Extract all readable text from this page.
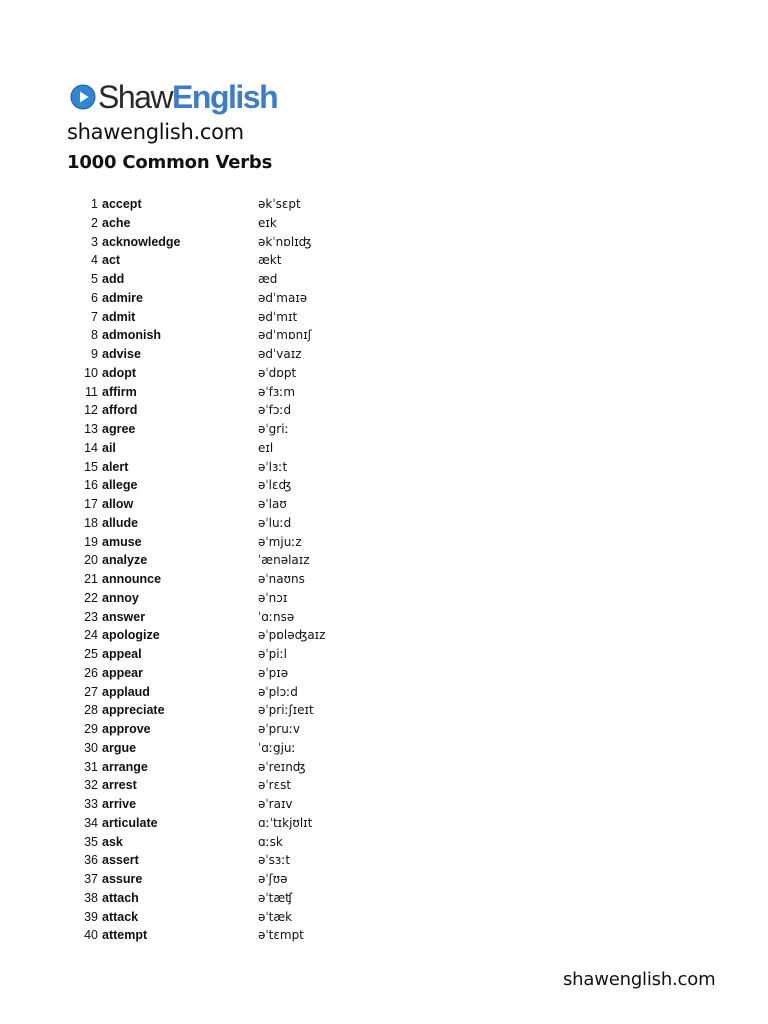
ShawEnglish
shawenglish.com
1000 Common Verbs
1 accept	əkˈsɛpt
2 ache	eɪk
3 acknowledge	əkˈnɒlɪʤ
4 act	ækt
5 add	æd
6 admire	ədˈmaɪə
7 admit	ədˈmɪt
8 admonish	ədˈmɒnɪʃ
9 advise	ədˈvaɪz
10 adopt	əˈdɒpt
11 affirm	əˈfɜːm
12 afford	əˈfɔːd
13 agree	əˈgriː
14 ail	eɪl
15 alert	əˈlɜːt
16 allege	əˈlɛʤ
17 allow	əˈlaʊ
18 allude	əˈluːd
19 amuse	əˈmjuːz
20 analyze	ˈænəlaɪz
21 announce	əˈnaʊns
22 annoy	əˈnɔɪ
23 answer	ˈɑːnsə
24 apologize	əˈpɒləʤaɪz
25 appeal	əˈpiːl
26 appear	əˈpɪə
27 applaud	əˈplɔːd
28 appreciate	əˈpriːʃɪeɪt
29 approve	əˈpruːv
30 argue	ˈɑːgjuː
31 arrange	əˈreɪnʤ
32 arrest	əˈrɛst
33 arrive	əˈraɪv
34 articulate	ɑːˈtɪkjʊlɪt
35 ask	ɑːsk
36 assert	əˈsɜːt
37 assure	əˈʃʊə
38 attach	əˈtæʧ
39 attack	əˈtæk
40 attempt	əˈtɛmpt
shawenglish.com
